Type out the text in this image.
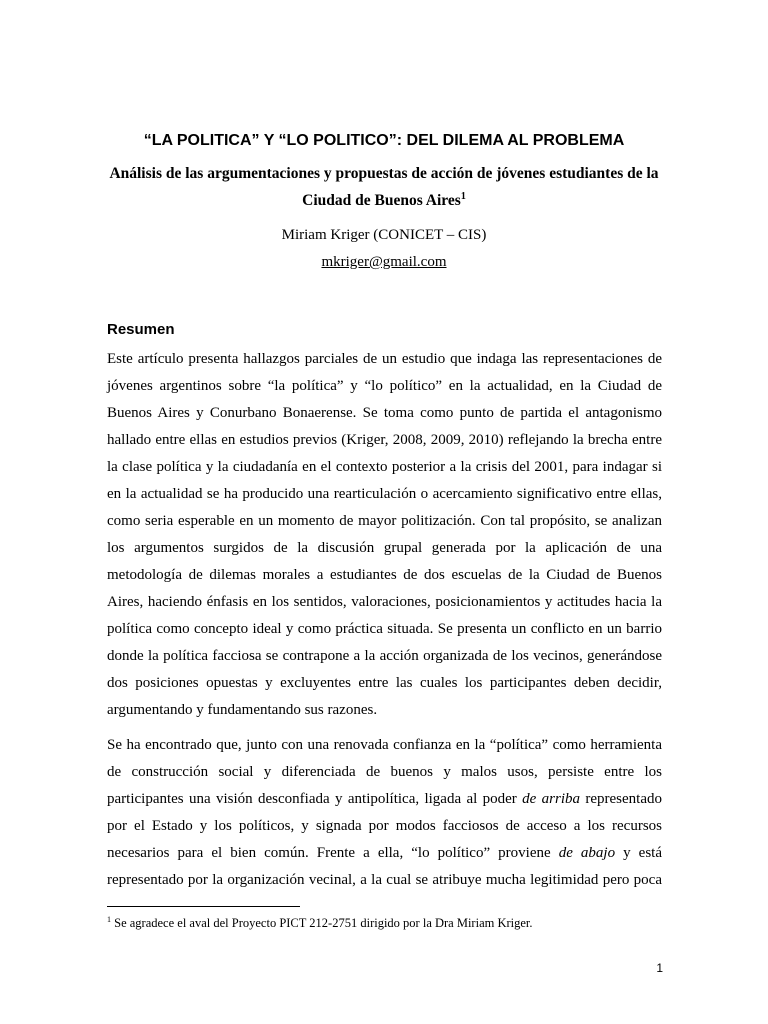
“LA POLITICA” Y “LO POLITICO”: DEL DILEMA AL PROBLEMA
Análisis de las argumentaciones y propuestas de acción de jóvenes estudiantes de la
Ciudad de Buenos Aires$^1$
Miriam Kriger (CONICET – CIS)
mkriger@gmail.com
Resumen
Este artículo presenta hallazgos parciales de un estudio que indaga las representaciones de
jóvenes argentinos sobre “la política” y “lo político” en la actualidad, en la Ciudad de
Buenos Aires y Conurbano Bonaerense. Se toma como punto de partida el antagonismo
hallado entre ellas en estudios previos (Kriger, 2008, 2009, 2010) reflejando la brecha entre
la clase política y la ciudadanía en el contexto posterior a la crisis del 2001, para indagar si
en la actualidad se ha producido una rearticulación o acercamiento significativo entre ellas,
como seria esperable en un momento de mayor politización. Con tal propósito, se analizan
los argumentos surgidos de la discusión grupal generada por la aplicación de una
metodología de dilemas morales a estudiantes de dos escuelas de la Ciudad de Buenos
Aires, haciendo énfasis en los sentidos, valoraciones, posicionamientos y actitudes hacia la
política como concepto ideal y como práctica situada. Se presenta un conflicto en un barrio
donde la política facciosa se contrapone a la acción organizada de los vecinos, generándose
dos posiciones opuestas y excluyentes entre las cuales los participantes deben decidir,
argumentando y fundamentando sus razones.
Se ha encontrado que, junto con una renovada confianza en la “política” como herramienta
de construcción social y diferenciada de buenos y malos usos, persiste entre los
participantes una visión desconfiada y antipolítica, ligada al poder de arriba representado
por el Estado y los políticos, y signada por modos facciosos de acceso a los recursos
necesarios para el bien común. Frente a ella, “lo político” proviene de abajo y está
representado por la organización vecinal, a la cual se atribuye mucha legitimidad pero poca
$^1$ Se agradece el aval del Proyecto PICT 212-2751 dirigido por la Dra Miriam Kriger.
1
